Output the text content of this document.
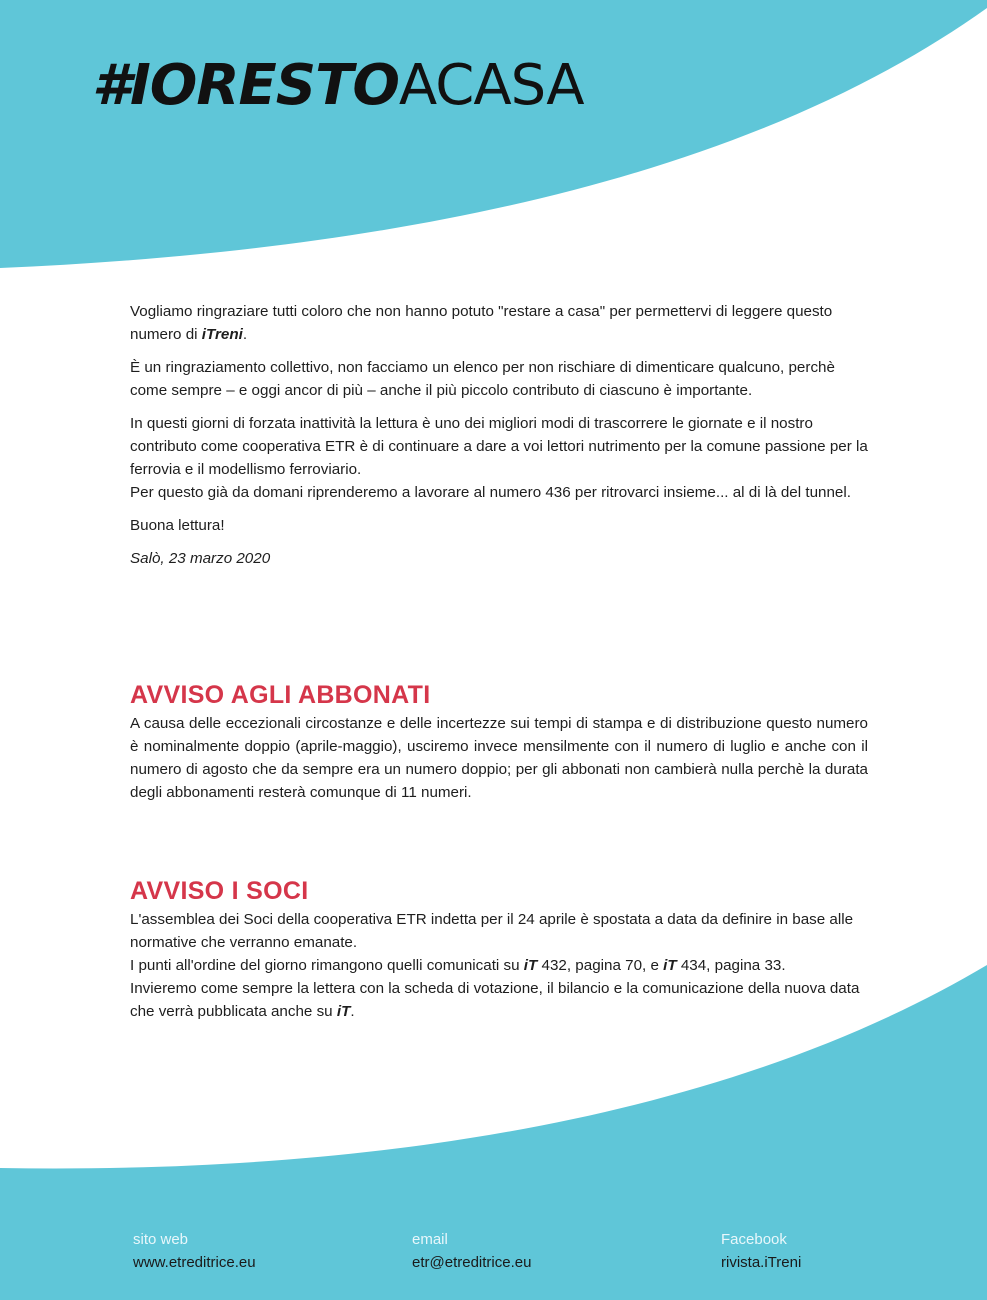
#IORESTOACASA

Vogliamo ringraziare tutti coloro che non hanno potuto "restare a casa" per permettervi di leggere questo numero di iTreni.

È un ringraziamento collettivo, non facciamo un elenco per non rischiare di dimenticare qualcuno, perchè come sempre – e oggi ancor di più – anche il più piccolo contributo di ciascuno è importante.

In questi giorni di forzata inattività la lettura è uno dei migliori modi di trascorrere le giornate e il nostro contributo come cooperativa ETR è di continuare a dare a voi lettori nutrimento per la comune passione per la ferrovia e il modellismo ferroviario.

Per questo già da domani riprenderemo a lavorare al numero 436 per ritrovarci insieme... al di là del tunnel.

Buona lettura!

Salò, 23 marzo 2020

AVVISO AGLI ABBONATI

A causa delle eccezionali circostanze e delle incertezze sui tempi di stampa e di distribuzione questo numero è nominalmente doppio (aprile-maggio), usciremo invece mensilmente con il numero di luglio e anche con il numero di agosto che da sempre era un numero doppio; per gli abbonati non cambierà nulla perchè la durata degli abbonamenti resterà comunque di 11 numeri.

AVVISO I SOCI

L'assemblea dei Soci della cooperativa ETR indetta per il 24 aprile è spostata a data da definire in base alle normative che verranno emanate.

I punti all'ordine del giorno rimangono quelli comunicati su iT 432, pagina 70, e iT 434, pagina 33.

Invieremo come sempre la lettera con la scheda di votazione, il bilancio e la comunicazione della nuova data che verrà pubblicata anche su iT.

sito web
www.etreditrice.eu
email
etr@etreditrice.eu
Facebook
rivista.iTreni
